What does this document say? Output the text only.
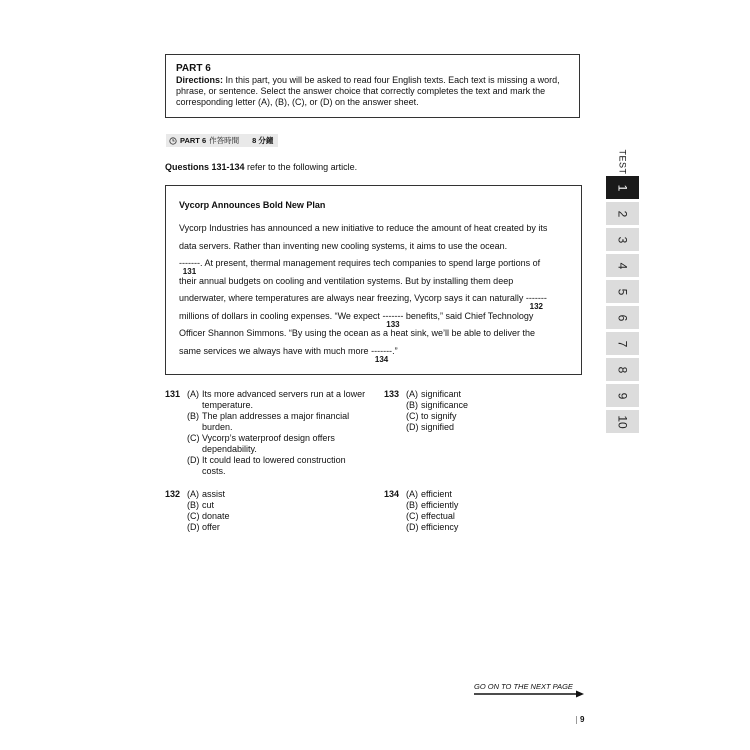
PART 6
Directions: In this part, you will be asked to read four English texts. Each text is missing a word,
phrase, or sentence. Select the answer choice that correctly completes the text and mark the
corresponding letter (A), (B), (C), or (D) on the answer sheet.
PART 6 作答時間 8 分鐘
Questions 131-134 refer to the following article.
Vycorp Announces Bold New Plan
Vycorp Industries has announced a new initiative to reduce the amount of heat created by its
data servers. Rather than inventing new cooling systems, it aims to use the ocean.
-------
131
. At present, thermal management requires tech companies to spend large portions of
their annual budgets on cooling and ventilation systems. But by installing them deep
underwater, where temperatures are always near freezing, Vycorp says it can naturally -------
132
millions of dollars in cooling expenses. “We expect -------
133
benefits,” said Chief Technology
Officer Shannon Simmons. “By using the ocean as a heat sink, we’ll be able to deliver the
same services we always have with much more -------
134
.”
131 (A) Its more advanced servers run at a lower
temperature.
(B) The plan addresses a major financial
burden.
(C) Vycorp’s waterproof design offers
dependability.
(D) It could lead to lowered construction
costs.
133 (A) significant
(B) significance
(C) to signify
(D) signified
132 (A) assist
(B) cut
(C) donate
(D) offer
134 (A) efficient
(B) efficiently
(C) effectual
(D) efficiency
TEST
1
2
3
4
5
6
7
8
9
10
GO ON TO THE NEXT PAGE
9
